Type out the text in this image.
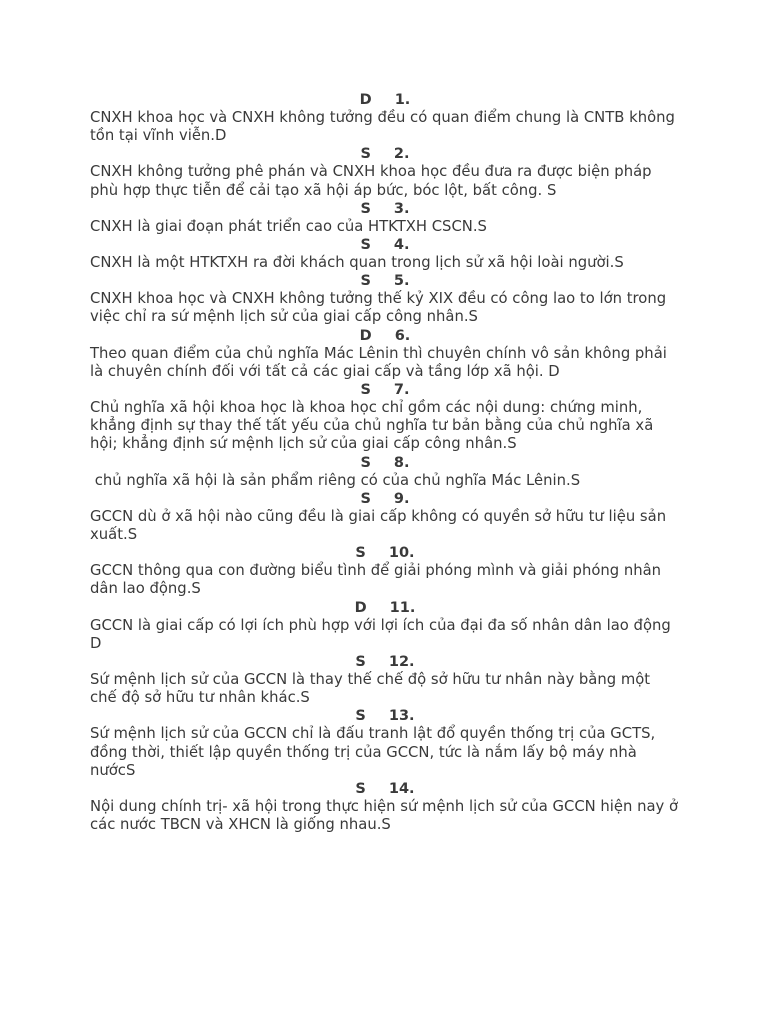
D 1.

CNXH khoa học và CNXH không tưởng đều có quan điểm chung là CNTB không tồn tại vĩnh viễn.D

S 2.

CNXH không tưởng phê phán và CNXH khoa học đều đưa ra được biện pháp phù hợp thực tiễn để cải tạo xã hội áp bức, bóc lột, bất công. S

S 3.

CNXH là giai đoạn phát triển cao của HTKTXH CSCN.S

S 4.

CNXH là một HTKTXH ra đời khách quan trong lịch sử xã hội loài người.S

S 5.

CNXH khoa học và CNXH không tưởng thế kỷ XIX đều có công lao to lớn trong việc chỉ ra sứ mệnh lịch sử của giai cấp công nhân.S

D 6.

Theo quan điểm của chủ nghĩa Mác Lênin thì chuyên chính vô sản không phải là chuyên chính đối với tất cả các giai cấp và tầng lớp xã hội. D

S 7.

Chủ nghĩa xã hội khoa học là khoa học chỉ gồm các nội dung: chứng minh, khẳng định sự thay thế tất yếu của chủ nghĩa tư bản bằng của chủ nghĩa xã hội; khẳng định sứ mệnh lịch sử của giai cấp công nhân.S

S 8.

chủ nghĩa xã hội là sản phẩm riêng có của chủ nghĩa Mác Lênin.S

S 9.

GCCN dù ở xã hội nào cũng đều là giai cấp không có quyền sở hữu tư liệu sản xuất.S

S 10.

GCCN thông qua con đường biểu tình để giải phóng mình và giải phóng nhân dân lao động.S

D 11.

GCCN là giai cấp có lợi ích phù hợp với lợi ích của đại đa số nhân dân lao động D

S 12.

Sứ mệnh lịch sử của GCCN là thay thế chế độ sở hữu tư nhân này bằng một chế độ sở hữu tư nhân khác.S

S 13.

Sứ mệnh lịch sử của GCCN chỉ là đấu tranh lật đổ quyền thống trị của GCTS, đồng thời, thiết lập quyền thống trị của GCCN, tức là nắm lấy bộ máy nhà nướcS

S 14.

Nội dung chính trị- xã hội trong thực hiện sứ mệnh lịch sử của GCCN hiện nay ở các nước TBCN và XHCN là giống nhau.S
